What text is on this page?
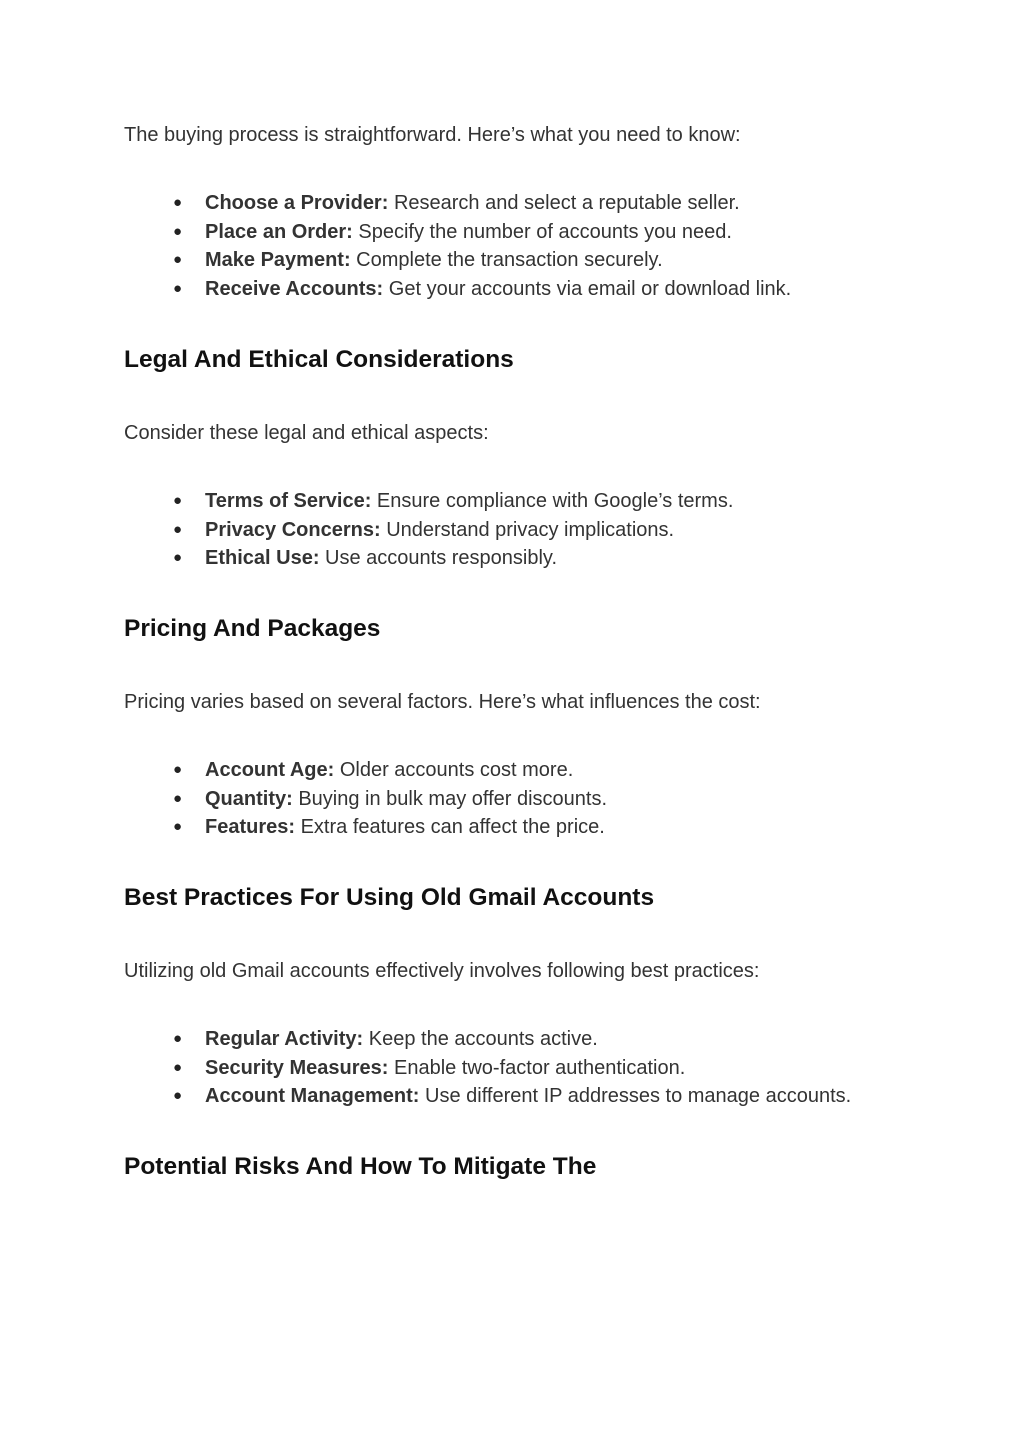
The buying process is straightforward. Here’s what you need to know:

● Choose a Provider: Research and select a reputable seller.
● Place an Order: Specify the number of accounts you need.
● Make Payment: Complete the transaction securely.
● Receive Accounts: Get your accounts via email or download link.
Legal And Ethical Considerations

Consider these legal and ethical aspects:

● Terms of Service: Ensure compliance with Google’s terms.
● Privacy Concerns: Understand privacy implications.
● Ethical Use: Use accounts responsibly.
Pricing And Packages

Pricing varies based on several factors. Here’s what influences the cost:

● Account Age: Older accounts cost more.
● Quantity: Buying in bulk may offer discounts.
● Features: Extra features can affect the price.
Best Practices For Using Old Gmail Accounts

Utilizing old Gmail accounts effectively involves following best practices:

● Regular Activity: Keep the accounts active.
● Security Measures: Enable two-factor authentication.
● Account Management: Use different IP addresses to manage accounts.
Potential Risks And How To Mitigate The
